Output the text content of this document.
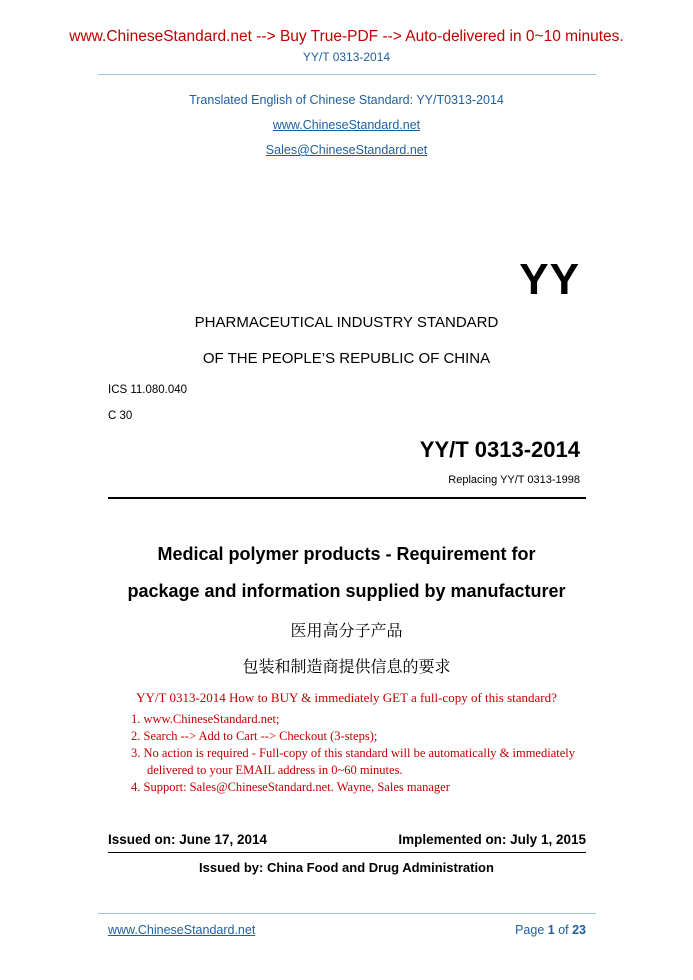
www.ChineseStandard.net --> Buy True-PDF --> Auto-delivered in 0~10 minutes.
YY/T 0313-2014
Translated English of Chinese Standard: YY/T0313-2014
www.ChineseStandard.net
Sales@ChineseStandard.net
YY
PHARMACEUTICAL INDUSTRY STANDARD
OF THE PEOPLE’S REPUBLIC OF CHINA
ICS 11.080.040
C 30
YY/T 0313-2014
Replacing YY/T 0313-1998
Medical polymer products - Requirement for
package and information supplied by manufacturer
医用高分子产品
包装和制造商提供信息的要求
YY/T 0313-2014 How to BUY & immediately GET a full-copy of this standard?
1. www.ChineseStandard.net;
2. Search --> Add to Cart --> Checkout (3-steps);
3. No action is required - Full-copy of this standard will be automatically & immediately delivered to your EMAIL address in 0~60 minutes.
4. Support: Sales@ChineseStandard.net. Wayne, Sales manager
Issued on: June 17, 2014	Implemented on: July 1, 2015
Issued by: China Food and Drug Administration
www.ChineseStandard.net	Page 1 of 23
